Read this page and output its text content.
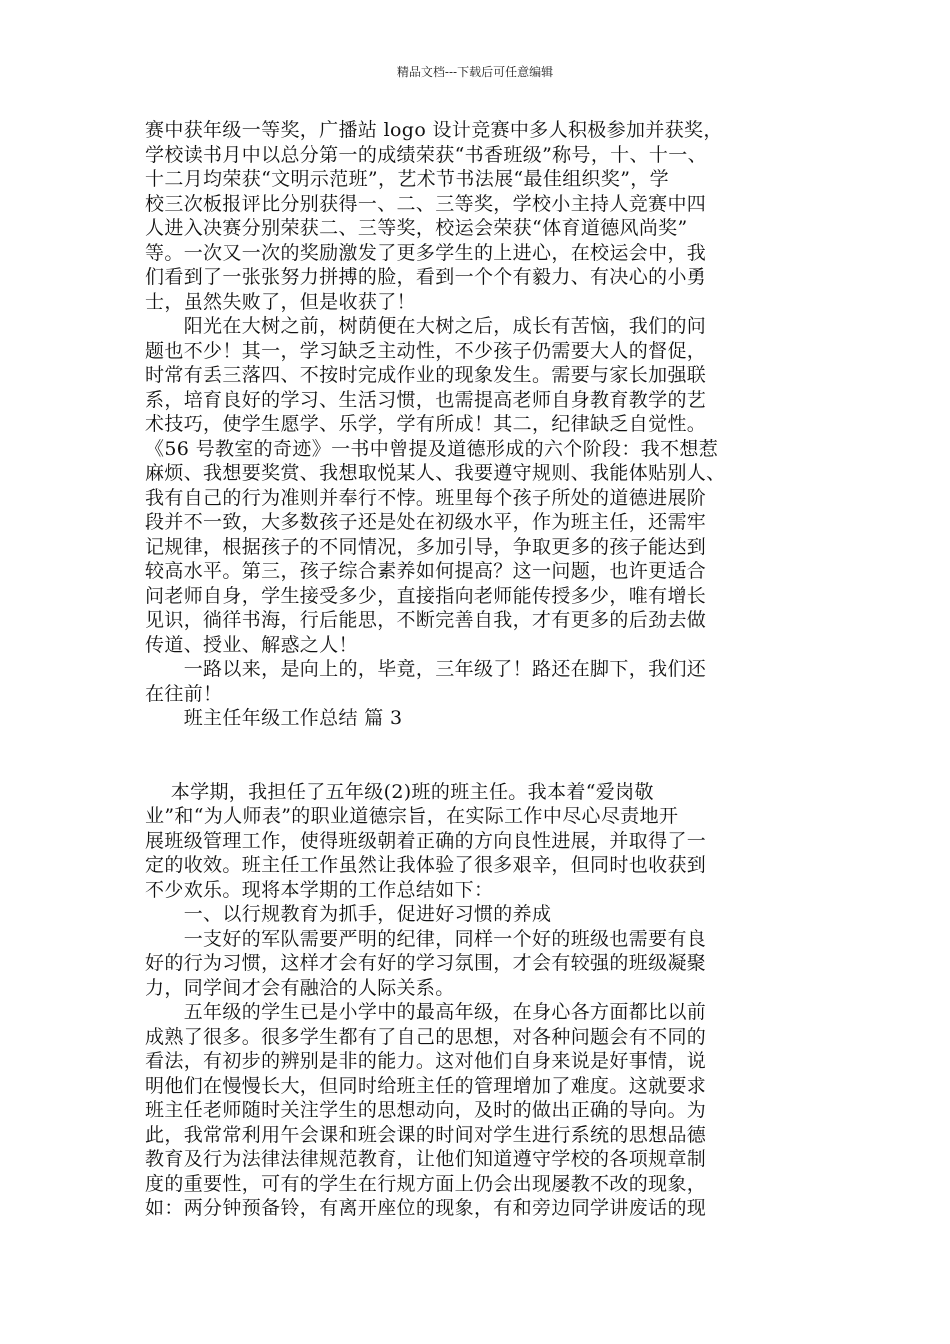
精品文档---下载后可任意编辑
赛中获年级一等奖，广播站 logo 设计竞赛中多人积极参加并获奖，
学校读书月中以总分第一的成绩荣获“书香班级”称号，十、十一、
十二月均荣获“文明示范班”，艺术节书法展“最佳组织奖”，学
校三次板报评比分别获得一、二、三等奖，学校小主持人竞赛中四
人进入决赛分别荣获二、三等奖，校运会荣获“体育道德风尚奖”
等。一次又一次的奖励激发了更多学生的上进心，在校运会中，我
们看到了一张张努力拼搏的脸，看到一个个有毅力、有决心的小勇
士，虽然失败了，但是收获了！
　　阳光在大树之前，树荫便在大树之后，成长有苦恼，我们的问
题也不少！其一，学习缺乏主动性，不少孩子仍需要大人的督促，
时常有丢三落四、不按时完成作业的现象发生。需要与家长加强联
系，培育良好的学习、生活习惯，也需提高老师自身教育教学的艺
术技巧，使学生愿学、乐学，学有所成！其二，纪律缺乏自觉性。
《56 号教室的奇迹》一书中曾提及道德形成的六个阶段：我不想惹
麻烦、我想要奖赏、我想取悦某人、我要遵守规则、我能体贴别人、
我有自己的行为准则并奉行不悖。班里每个孩子所处的道德进展阶
段并不一致，大多数孩子还是处在初级水平，作为班主任，还需牢
记规律，根据孩子的不同情况，多加引导，争取更多的孩子能达到
较高水平。第三，孩子综合素养如何提高？这一问题，也许更适合
问老师自身，学生接受多少，直接指向老师能传授多少，唯有增长
见识，徜徉书海，行后能思，不断完善自我，才有更多的后劲去做
传道、授业、解惑之人！
　　一路以来，是向上的，毕竟，三年级了！路还在脚下，我们还
在往前！
　　班主任年级工作总结 篇 3
　 本学期，我担任了五年级(2)班的班主任。我本着“爱岗敬
业”和“为人师表”的职业道德宗旨，在实际工作中尽心尽责地开
展班级管理工作，使得班级朝着正确的方向良性进展，并取得了一
定的收效。班主任工作虽然让我体验了很多艰辛，但同时也收获到
不少欢乐。现将本学期的工作总结如下：
　　一、以行规教育为抓手，促进好习惯的养成
　　一支好的军队需要严明的纪律，同样一个好的班级也需要有良
好的行为习惯，这样才会有好的学习氛围，才会有较强的班级凝聚
力，同学间才会有融洽的人际关系。
　　五年级的学生已是小学中的最高年级，在身心各方面都比以前
成熟了很多。很多学生都有了自己的思想，对各种问题会有不同的
看法，有初步的辨别是非的能力。这对他们自身来说是好事情，说
明他们在慢慢长大，但同时给班主任的管理增加了难度。这就要求
班主任老师随时关注学生的思想动向，及时的做出正确的导向。为
此，我常常利用午会课和班会课的时间对学生进行系统的思想品德
教育及行为法律法律规范教育，让他们知道遵守学校的各项规章制
度的重要性，可有的学生在行规方面上仍会出现屡教不改的现象，
如：两分钟预备铃，有离开座位的现象，有和旁边同学讲废话的现
